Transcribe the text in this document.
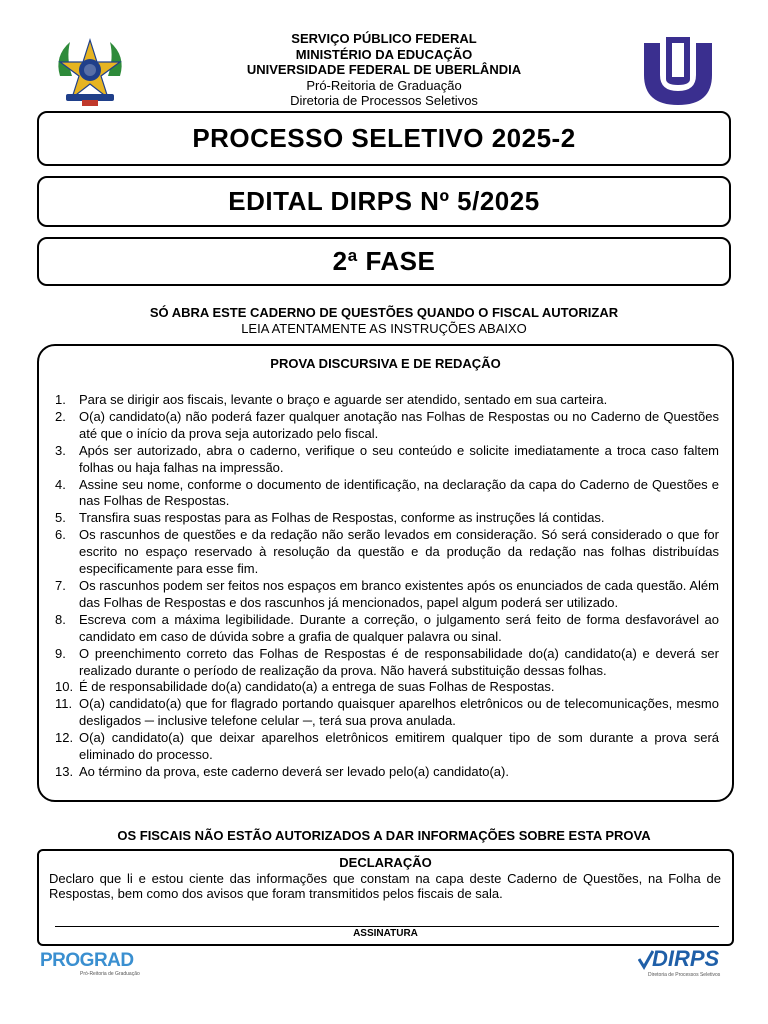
SERVIÇO PÚBLICO FEDERAL
MINISTÉRIO DA EDUCAÇÃO
UNIVERSIDADE FEDERAL DE UBERLÂNDIA
Pró-Reitoria de Graduação
Diretoria de Processos Seletivos
PROCESSO SELETIVO 2025-2
EDITAL DIRPS Nº 5/2025
2ª FASE
SÓ ABRA ESTE CADERNO DE QUESTÕES QUANDO O FISCAL AUTORIZAR
LEIA ATENTAMENTE AS INSTRUÇÕES ABAIXO
PROVA DISCURSIVA E DE REDAÇÃO
1.	Para se dirigir aos fiscais, levante o braço e aguarde ser atendido, sentado em sua carteira.
2.	O(a) candidato(a) não poderá fazer qualquer anotação nas Folhas de Respostas ou no Caderno de Questões até que o início da prova seja autorizado pelo fiscal.
3.	Após ser autorizado, abra o caderno, verifique o seu conteúdo e solicite imediatamente a troca caso faltem folhas ou haja falhas na impressão.
4.	Assine seu nome, conforme o documento de identificação, na declaração da capa do Caderno de Questões e nas Folhas de Respostas.
5.	Transfira suas respostas para as Folhas de Respostas, conforme as instruções lá contidas.
6.	Os rascunhos de questões e da redação não serão levados em consideração. Só será considerado o que for escrito no espaço reservado à resolução da questão e da produção da redação nas folhas distribuídas especificamente para esse fim.
7.	Os rascunhos podem ser feitos nos espaços em branco existentes após os enunciados de cada questão. Além das Folhas de Respostas e dos rascunhos já mencionados, papel algum poderá ser utilizado.
8.	Escreva com a máxima legibilidade. Durante a correção, o julgamento será feito de forma desfavorável ao candidato em caso de dúvida sobre a grafia de qualquer palavra ou sinal.
9.	O preenchimento correto das Folhas de Respostas é de responsabilidade do(a) candidato(a) e deverá ser realizado durante o período de realização da prova. Não haverá substituição dessas folhas.
10. É de responsabilidade do(a) candidato(a) a entrega de suas Folhas de Respostas.
11. O(a) candidato(a) que for flagrado portando quaisquer aparelhos eletrônicos ou de telecomunicações, mesmo desligados ─ inclusive telefone celular ─, terá sua prova anulada.
12. O(a) candidato(a) que deixar aparelhos eletrônicos emitirem qualquer tipo de som durante a prova será eliminado do processo.
13. Ao término da prova, este caderno deverá ser levado pelo(a) candidato(a).
OS FISCAIS NÃO ESTÃO AUTORIZADOS A DAR INFORMAÇÕES SOBRE ESTA PROVA
DECLARAÇÃO
Declaro que li e estou ciente das informações que constam na capa deste Caderno de Questões, na Folha de Respostas, bem como dos avisos que foram transmitidos pelos fiscais de sala.
ASSINATURA
PROGRAD
Pró-Reitoria de Graduação
DIRPS
Diretoria de Processos Seletivos
